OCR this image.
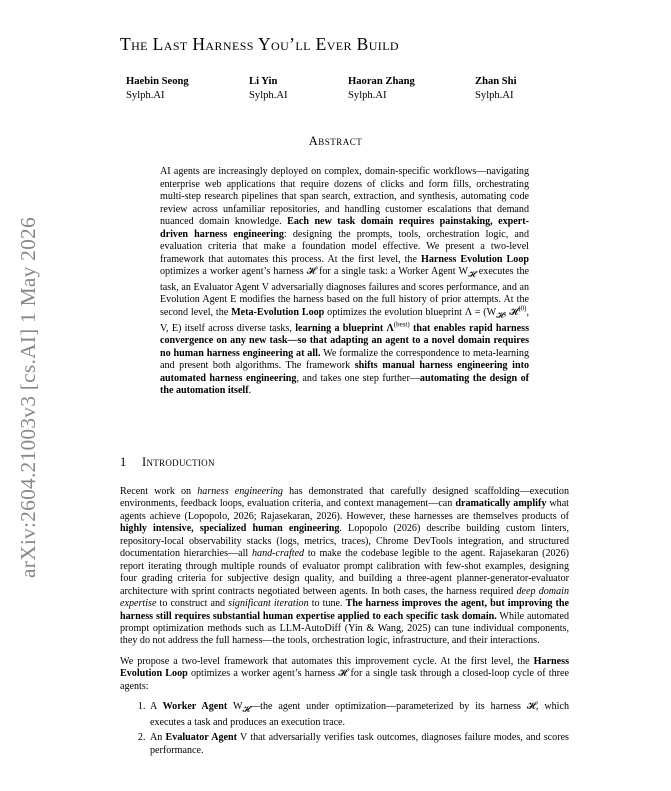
arXiv:2604.21003v3 [cs.AI] 1 May 2026
The Last Harness You’ll Ever Build
Haebin Seong
Sylph.AI
Li Yin
Sylph.AI
Haoran Zhang
Sylph.AI
Zhan Shi
Sylph.AI
Abstract
AI agents are increasingly deployed on complex, domain-specific workflows—navigating enterprise web applications that require dozens of clicks and form fills, orchestrating multi-step research pipelines that span search, extraction, and synthesis, automating code review across unfamiliar repositories, and handling customer escalations that demand nuanced domain knowledge. Each new task domain requires painstaking, expert-driven harness engineering: designing the prompts, tools, orchestration logic, and evaluation criteria that make a foundation model effective. We present a two-level framework that automates this process. At the first level, the Harness Evolution Loop optimizes a worker agent’s harness 𝓗 for a single task: a Worker Agent $W_𝓗$ executes the task, an Evaluator Agent V adversarially diagnoses failures and scores performance, and an Evolution Agent E modifies the harness based on the full history of prior attempts. At the second level, the Meta-Evolution Loop optimizes the evolution blueprint $\Lambda = (W_𝓗$, 𝓗$^{(0)}$, V, E) itself across diverse tasks, learning a blueprint $\Lambda^{(best)}$ that enables rapid harness convergence on any new task—so that adapting an agent to a novel domain requires no human harness engineering at all. We formalize the correspondence to meta-learning and present both algorithms. The framework shifts manual harness engineering into automated harness engineering, and takes one step further—automating the design of the automation itself.
1 Introduction

Recent work on harness engineering has demonstrated that carefully designed scaffolding—execution environments, feedback loops, evaluation criteria, and context management—can dramatically amplify what agents achieve (Lopopolo, 2026; Rajasekaran, 2026). However, these harnesses are themselves products of highly intensive, specialized human engineering. Lopopolo (2026) describe building custom linters, repository-local observability stacks (logs, metrics, traces), Chrome DevTools integration, and structured documentation hierarchies—all hand-crafted to make the codebase legible to the agent. Rajasekaran (2026) report iterating through multiple rounds of evaluator prompt calibration with few-shot examples, designing four grading criteria for subjective design quality, and building a three-agent planner-generator-evaluator architecture with sprint contracts negotiated between agents. In both cases, the harness required deep domain expertise to construct and significant iteration to tune. The harness improves the agent, but improving the harness still requires substantial human expertise applied to each specific task domain. While automated prompt optimization methods such as LLM-AutoDiff (Yin & Wang, 2025) can tune individual components, they do not address the full harness—the tools, orchestration logic, infrastructure, and their interactions.

We propose a two-level framework that automates this improvement cycle. At the first level, the Harness Evolution Loop optimizes a worker agent’s harness 𝓗 for a single task through a closed-loop cycle of three agents:

1. A Worker Agent $W_𝓗—the$ agent under optimization—parameterized by its harness 𝓗, which executes a task and produces an execution trace.
2. An Evaluator Agent V that adversarially verifies task outcomes, diagnoses failure modes, and scores performance.
